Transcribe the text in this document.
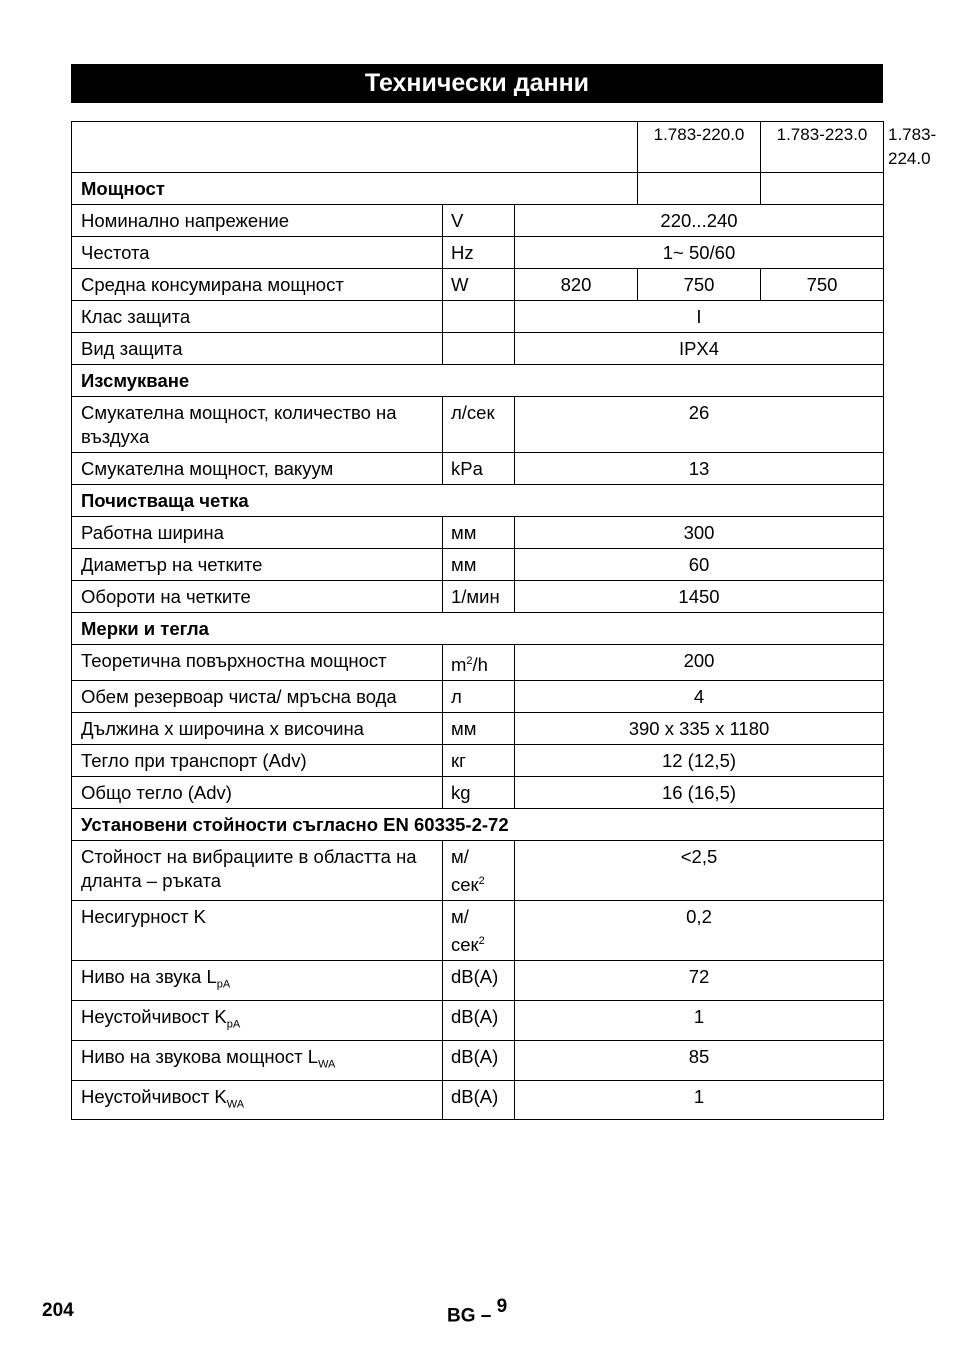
Технически данни
			1.783-220.0	1.783-223.0	1.783-224.0
Мощност					
Номинално напрежение	V	220...240			
Честота	Hz	1~ 50/60			
Средна консумирана мощност	W	820	750	750	
Клас защита		I			
Вид защита		IPX4			
Изсмукване					
Смукателна мощност, количество на въздуха	л/сек	26			
Смукателна мощност, вакуум	kPa	13			
Почистваща четка					
Работна ширина	мм	300			
Диаметър на четките	мм	60			
Обороти на четките	1/мин	1450			
Мерки и тегла					
Теоретична повърхностна мощност	$m^2/h$	200			
Обем резервоар чиста/ мръсна вода	л	4			
Дължина x широчина x височина	мм	390 x 335 x 1180			
Тегло при транспорт (Adv)	кг	12 (12,5)			
Общо тегло (Adv)	kg	16 (16,5)			
Установени стойности съгласно EN 60335-2-72					
Стойност на вибрациите в областта на дланта – ръката	м/
сек$^2$	<2,5			
Несигурност K	м/
сек$^2$	0,2			
Ниво на звука $L_{pA}$	dB(A)	72			
Неустойчивост $K_{pA}$	dB(A)	1			
Ниво на звукова мощност $L_{WA}$	dB(A)	85			
Неустойчивост $K_{WA}$	dB(A)	1			
204	BG – $^9$
